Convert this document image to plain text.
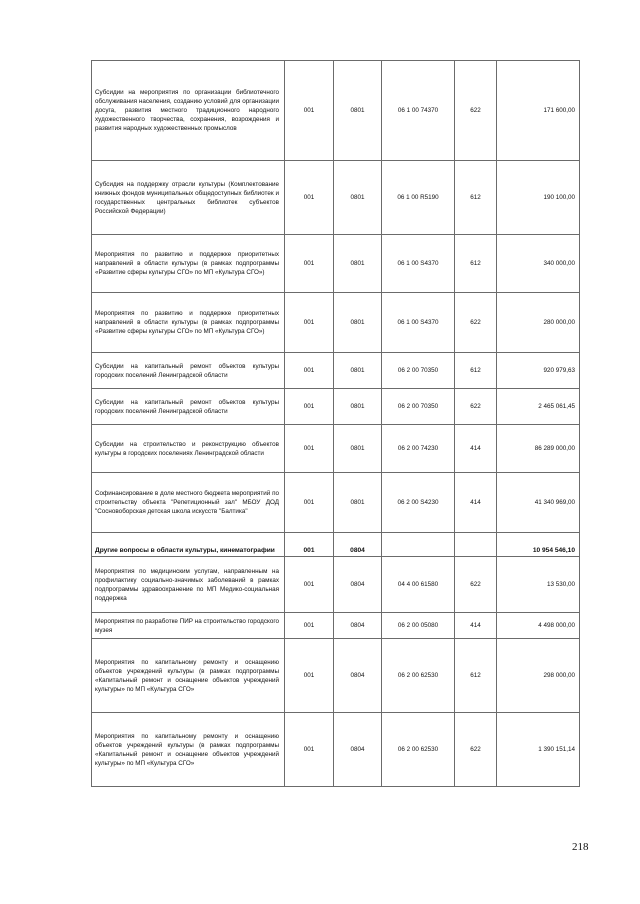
Субсидии на мероприятия по организации библиотечного обслуживания населения, созданию условий для организации досуга, развития местного традиционного народного художественного творчества, сохранения, возрождения и развития народных художественных промыслов	001	0801	06 1 00 74370	622	171 600,00
Субсидия на поддержку отрасли культуры (Комплектование книжных фондов муниципальных общедоступных библиотек и государственных центральных библиотек субъектов Российской Федерации)	001	0801	06 1 00 R5190	612	190 100,00
Мероприятия по развитию и поддержке приоритетных направлений в области культуры (в рамках подпрограммы «Развитие сферы культуры СГО» по МП «Культура СГО»)	001	0801	06 1 00 S4370	612	340 000,00
Мероприятия по развитию и поддержке приоритетных направлений в области культуры (в рамках подпрограммы «Развитие сферы культуры СГО» по МП «Культура СГО»)	001	0801	06 1 00 S4370	622	280 000,00
Субсидии на капитальный ремонт объектов культуры городских поселений Ленинградской области	001	0801	06 2 00 70350	612	920 979,63
Субсидии на капитальный ремонт объектов культуры городских поселений Ленинградской области	001	0801	06 2 00 70350	622	2 465 061,45
Субсидии на строительство и реконструкцию объектов культуры в городских поселениях Ленинградской области	001	0801	06 2 00 74230	414	86 289 000,00
Софинансирование в доле местного бюджета мероприятий по строительству объекта "Репетиционный зал" МБОУ ДОД "Сосновоборская детская школа искусств "Балтика"	001	0801	06 2 00 S4230	414	41 340 969,00
Другие вопросы в области культуры, кинематографии	001	0804			10 954 546,10
Мероприятия по медицинским услугам, направленным на профилактику социально-значимых заболеваний в рамках подпрограммы здравоохранение по МП Медико-социальная поддержка	001	0804	04 4 00 61580	622	13 530,00
Мероприятия по разработке ПИР на строительство городского музея	001	0804	06 2 00 05080	414	4 498 000,00
Мероприятия по капитальному ремонту и оснащению объектов учреждений культуры (в рамках подпрограммы «Капитальный ремонт и оснащение объектов учреждений культуры» по МП «Культура СГО»	001	0804	06 2 00 62530	612	298 000,00
Мероприятия по капитальному ремонту и оснащению объектов учреждений культуры (в рамках подпрограммы «Капитальный ремонт и оснащение объектов учреждений культуры» по МП «Культура СГО»	001	0804	06 2 00 62530	622	1 390 151,14
218
